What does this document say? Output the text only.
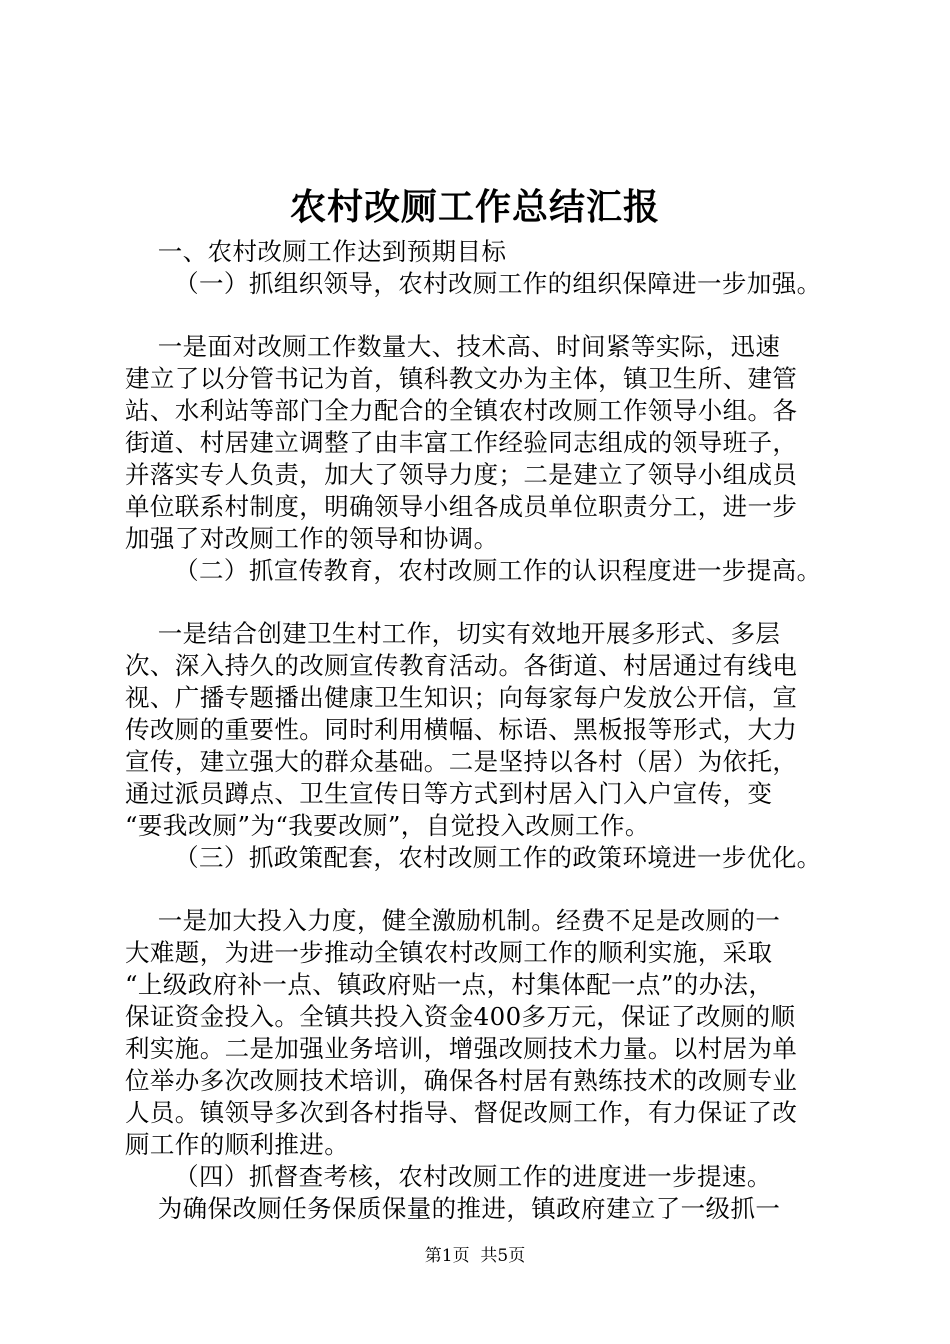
农村改厕工作总结汇报
一、农村改厕工作达到预期目标
（一）抓组织领导，农村改厕工作的组织保障进一步加强。
一是面对改厕工作数量大、技术高、时间紧等实际，迅速
建立了以分管书记为首，镇科教文办为主体，镇卫生所、建管
站、水利站等部门全力配合的全镇农村改厕工作领导小组。各
街道、村居建立调整了由丰富工作经验同志组成的领导班子，
并落实专人负责，加大了领导力度；二是建立了领导小组成员
单位联系村制度，明确领导小组各成员单位职责分工，进一步
加强了对改厕工作的领导和协调。
（二）抓宣传教育，农村改厕工作的认识程度进一步提高。
一是结合创建卫生村工作，切实有效地开展多形式、多层
次、深入持久的改厕宣传教育活动。各街道、村居通过有线电
视、广播专题播出健康卫生知识；向每家每户发放公开信，宣
传改厕的重要性。同时利用横幅、标语、黑板报等形式，大力
宣传，建立强大的群众基础。二是坚持以各村（居）为依托，
通过派员蹲点、卫生宣传日等方式到村居入门入户宣传，变
“要我改厕”为“我要改厕”，自觉投入改厕工作。
（三）抓政策配套，农村改厕工作的政策环境进一步优化。
一是加大投入力度，健全激励机制。经费不足是改厕的一
大难题，为进一步推动全镇农村改厕工作的顺利实施，采取
“上级政府补一点、镇政府贴一点，村集体配一点”的办法，
保证资金投入。全镇共投入资金400多万元，保证了改厕的顺
利实施。二是加强业务培训，增强改厕技术力量。以村居为单
位举办多次改厕技术培训，确保各村居有熟练技术的改厕专业
人员。镇领导多次到各村指导、督促改厕工作，有力保证了改
厕工作的顺利推进。
（四）抓督查考核，农村改厕工作的进度进一步提速。
为确保改厕任务保质保量的推进，镇政府建立了一级抓一
第1页  共5页
